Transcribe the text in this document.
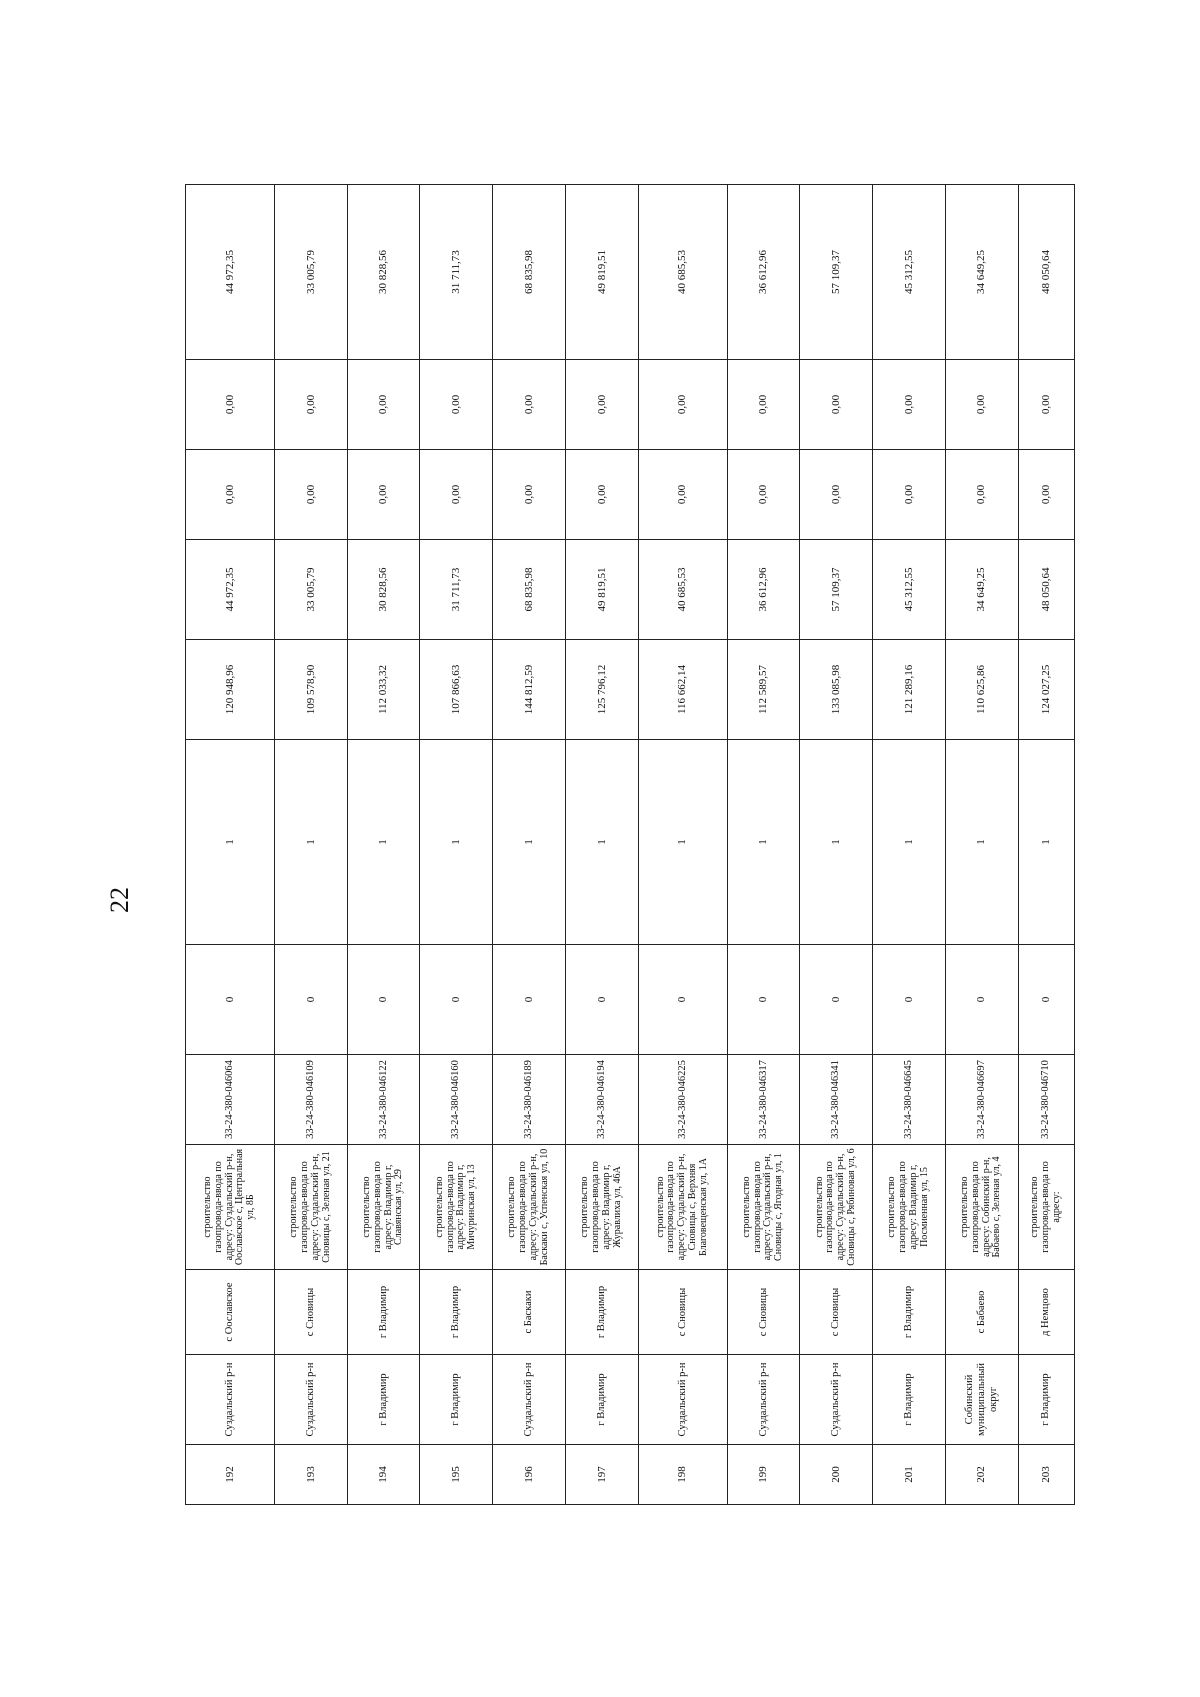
22
192	Суздальский р-н	с Оославское	строительство газопровода-ввода по адресу: Суздальский р-н, Оославское с, Центральная ул, 8Б	33-24-380-046064	0	1	120 948,96	44 972,35	0,00	0,00	44 972,35	
193	Суздальский р-н	с Сновицы	строительство газопровода-ввода по адресу: Суздальский р-н, Сновицы с, Зеленая ул, 21	33-24-380-046109	0	1	109 578,90	33 005,79	0,00	0,00	33 005,79	
194	г Владимир	г Владимир	строительство газопровода-ввода по адресу: Владимир г, Славянская ул, 29	33-24-380-046122	0	1	112 033,32	30 828,56	0,00	0,00	30 828,56	
195	г Владимир	г Владимир	строительство газопровода-ввода по адресу: Владимир г, Мичуринская ул, 13	33-24-380-046160	0	1	107 866,63	31 711,73	0,00	0,00	31 711,73	
196	Суздальский р-н	с Баскаки	строительство газопровода-ввода по адресу: Суздальский р-н, Баскаки с, Успенская ул, 10	33-24-380-046189	0	1	144 812,59	68 835,98	0,00	0,00	68 835,98	
197	г Владимир	г Владимир	строительство газопровода-ввода по адресу: Владимир г, Журавлиха ул, 46А	33-24-380-046194	0	1	125 796,12	49 819,51	0,00	0,00	49 819,51	
198	Суздальский р-н	с Сновицы	строительство газопровода-ввода по адресу: Суздальский р-н, Сновицы с, Верхняя Благовещенская ул, 1А	33-24-380-046225	0	1	116 662,14	40 685,53	0,00	0,00	40 685,53	
199	Суздальский р-н	с Сновицы	строительство газопровода-ввода по адресу: Суздальский р-н, Сновицы с, Ягодная ул, 1	33-24-380-046317	0	1	112 589,57	36 612,96	0,00	0,00	36 612,96	
200	Суздальский р-н	с Сновицы	строительство газопровода-ввода по адресу: Суздальский р-н, Сновицы с, Рябиновая ул, 6	33-24-380-046341	0	1	133 085,98	57 109,37	0,00	0,00	57 109,37	
201	г Владимир	г Владимир	строительство газопровода-ввода по адресу: Владимир г, Посмиенная ул, 15	33-24-380-046645	0	1	121 289,16	45 312,55	0,00	0,00	45 312,55	
202	Собинский муниципальный округ	с Бабаево	строительство газопровода-ввода по адресу: Собинский р-н, Бабаево с, Зеленая ул, 4	33-24-380-046697	0	1	110 625,86	34 649,25	0,00	0,00	34 649,25	
203	г Владимир	д Немцово	строительство газопровода-ввода по адресу:	33-24-380-046710	0	1	124 027,25	48 050,64	0,00	0,00	48 050,64	
